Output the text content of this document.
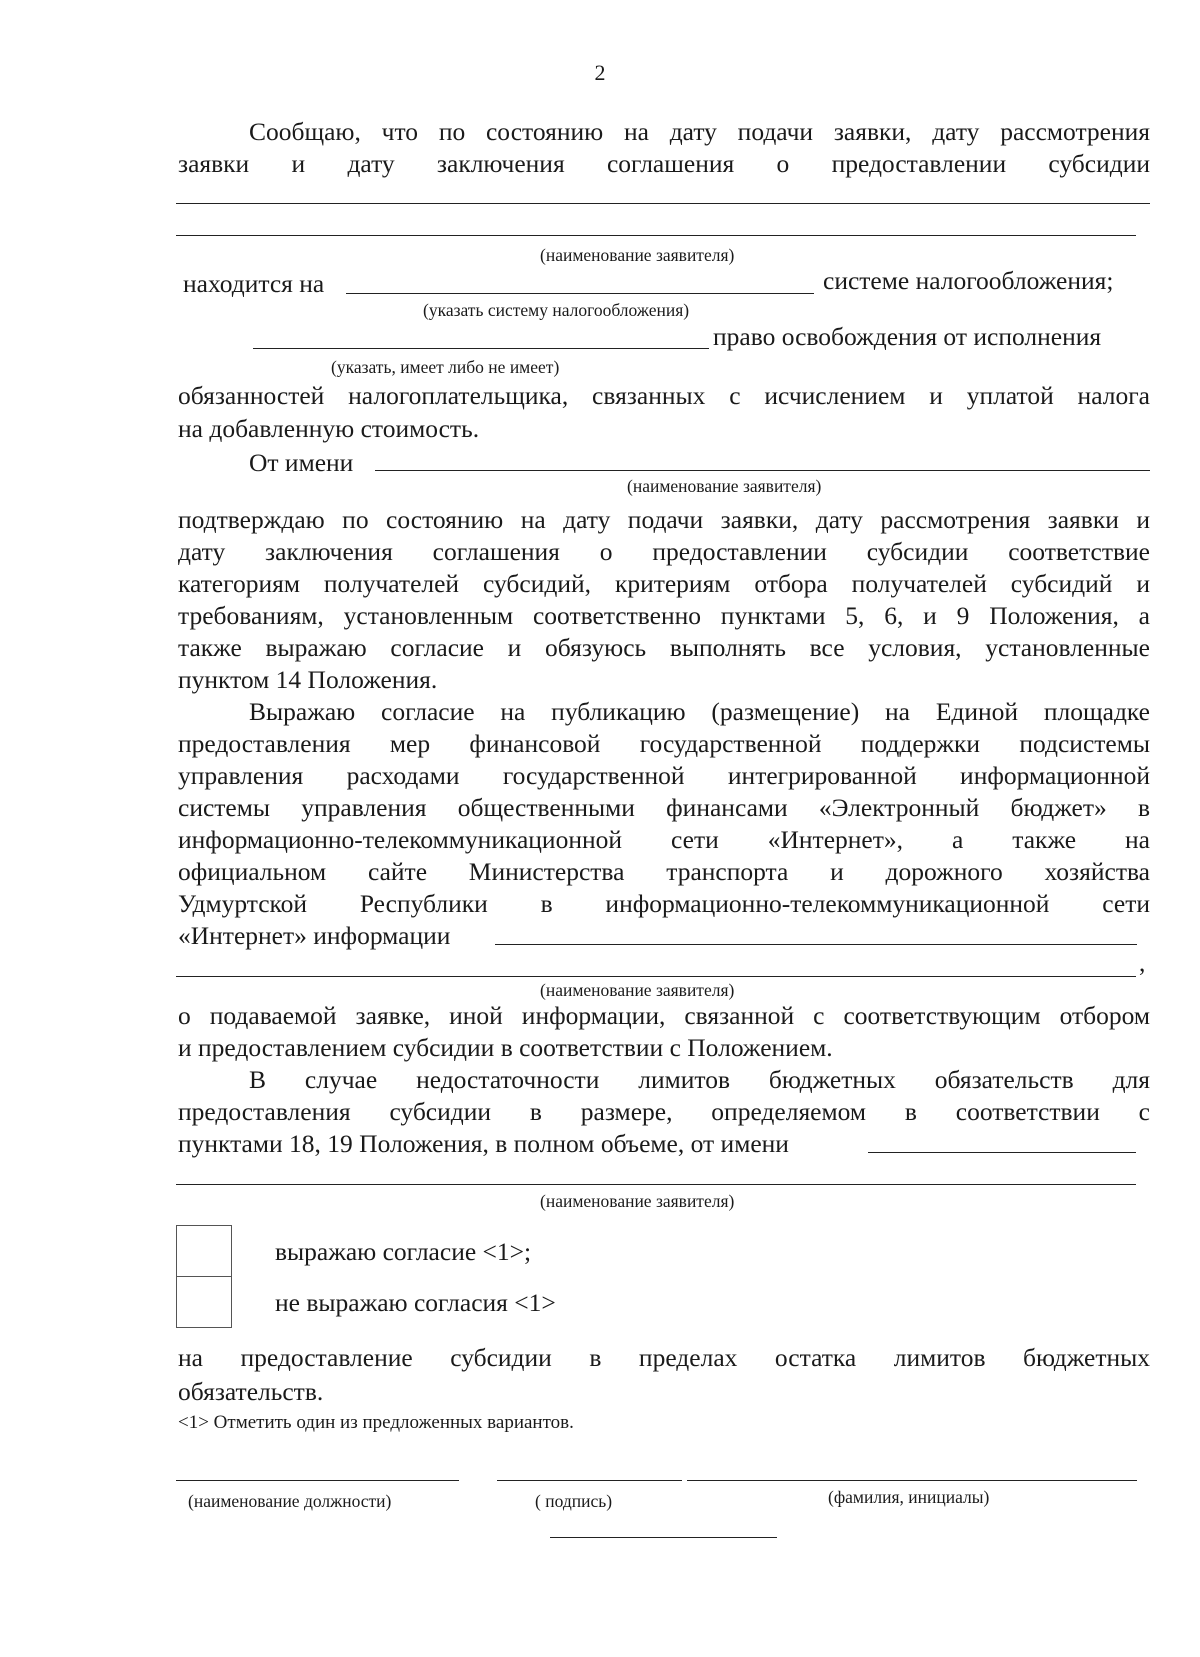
2
Сообщаю, что по состоянию на дату подачи заявки, дату рассмотрения
заявки и дату заключения соглашения о предоставлении субсидии
(наименование заявителя)
находится на	системе налогообложения;
(указать систему налогообложения)
право освобождения от исполнения
(указать, имеет либо не имеет)
обязанностей налогоплательщика, связанных с исчислением и уплатой налога
на добавленную стоимость.
От имени
(наименование заявителя)
подтверждаю по состоянию на дату подачи заявки, дату рассмотрения заявки и
дату заключения соглашения о предоставлении субсидии соответствие
категориям получателей субсидий, критериям отбора получателей субсидий и
требованиям, установленным соответственно пунктами 5, 6, и 9 Положения, а
также выражаю согласие и обязуюсь выполнять все условия, установленные
пунктом 14 Положения.
Выражаю согласие на публикацию (размещение) на Единой площадке
предоставления мер финансовой государственной поддержки подсистемы
управления расходами государственной интегрированной информационной
системы управления общественными финансами «Электронный бюджет» в
информационно-телекоммуникационной сети «Интернет», а также на
официальном сайте Министерства транспорта и дорожного хозяйства
Удмуртской Республики в информационно-телекоммуникационной сети
«Интернет» информации
,
(наименование заявителя)
о подаваемой заявке, иной информации, связанной с соответствующим отбором
и предоставлением субсидии в соответствии с Положением.
В случае недостаточности лимитов бюджетных обязательств для
предоставления субсидии в размере, определяемом в соответствии с
пунктами 18, 19 Положения, в полном объеме, от имени
(наименование заявителя)
выражаю согласие <1>;
не выражаю согласия <1>
на предоставление субсидии в пределах остатка лимитов бюджетных
обязательств.
<1> Отметить один из предложенных вариантов.
(наименование должности)	( подпись)	(фамилия, инициалы)
